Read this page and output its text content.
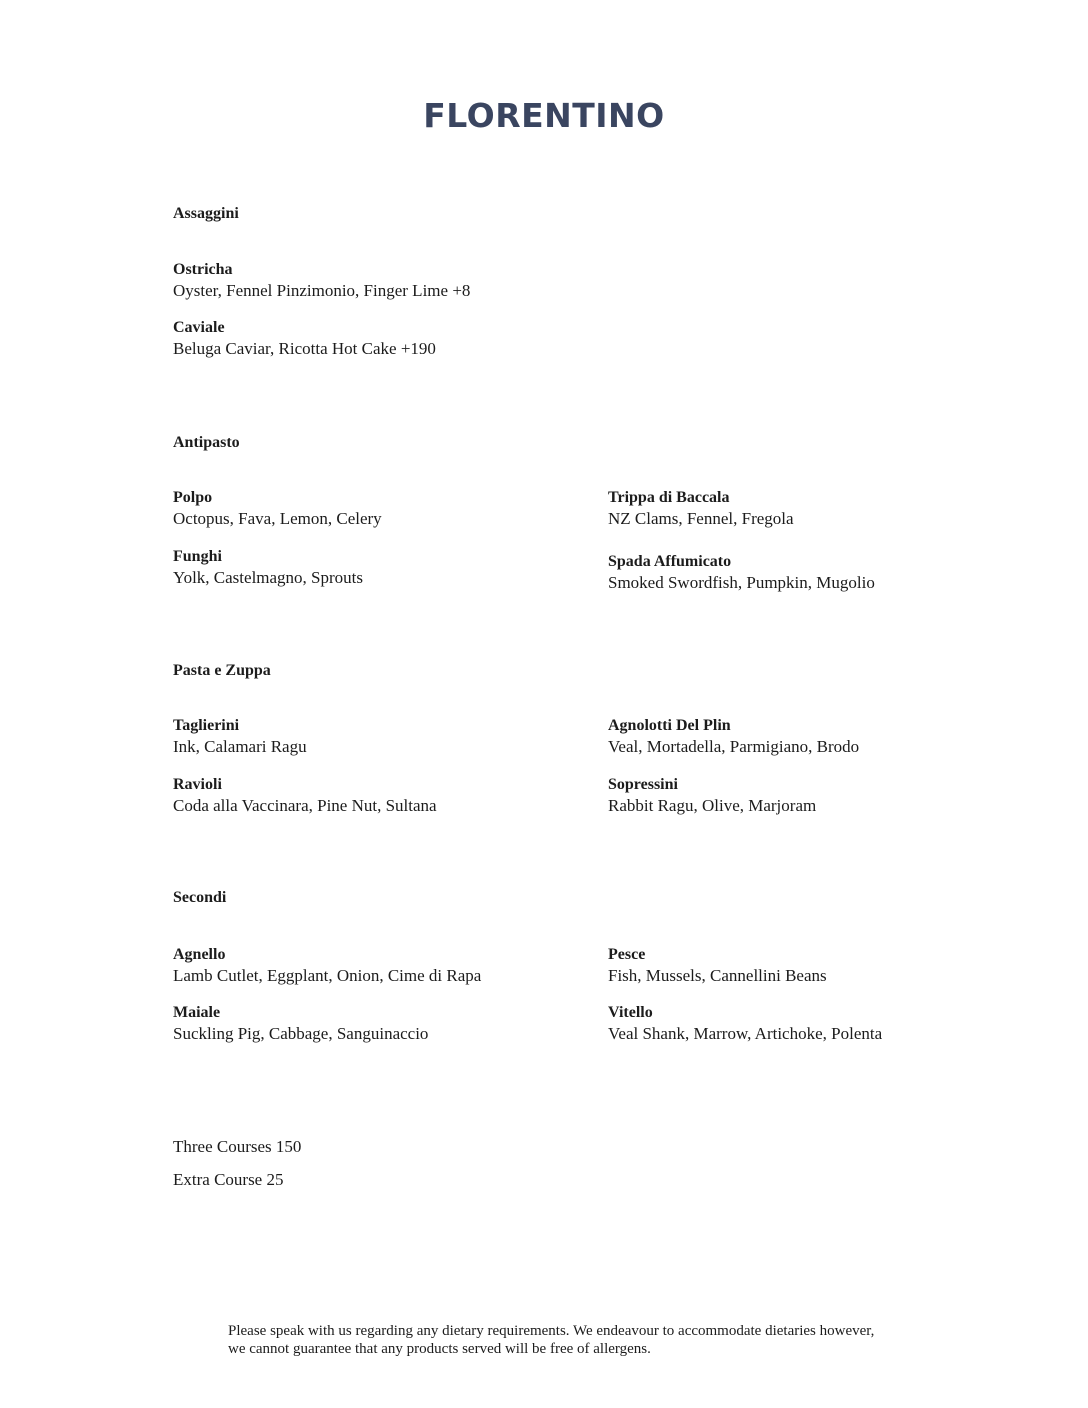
FLORENTINO
Assaggini
Ostricha
Oyster, Fennel Pinzimonio, Finger Lime +8
Caviale
Beluga Caviar, Ricotta Hot Cake +190
Antipasto
Polpo
Octopus, Fava, Lemon, Celery
Funghi
Yolk, Castelmagno, Sprouts
Trippa di Baccala
NZ Clams, Fennel, Fregola
Spada Affumicato
Smoked Swordfish, Pumpkin, Mugolio
Pasta e Zuppa
Taglierini
Ink, Calamari Ragu
Ravioli
Coda alla Vaccinara, Pine Nut, Sultana
Agnolotti Del Plin
Veal, Mortadella, Parmigiano, Brodo
Sopressini
Rabbit Ragu, Olive, Marjoram
Secondi
Agnello
Lamb Cutlet, Eggplant, Onion, Cime di Rapa
Maiale
Suckling Pig, Cabbage, Sanguinaccio
Pesce
Fish, Mussels, Cannellini Beans
Vitello
Veal Shank, Marrow, Artichoke, Polenta
Three Courses 150
Extra Course 25
Please speak with us regarding any dietary requirements. We endeavour to accommodate dietaries however, we cannot guarantee that any products served will be free of allergens.
